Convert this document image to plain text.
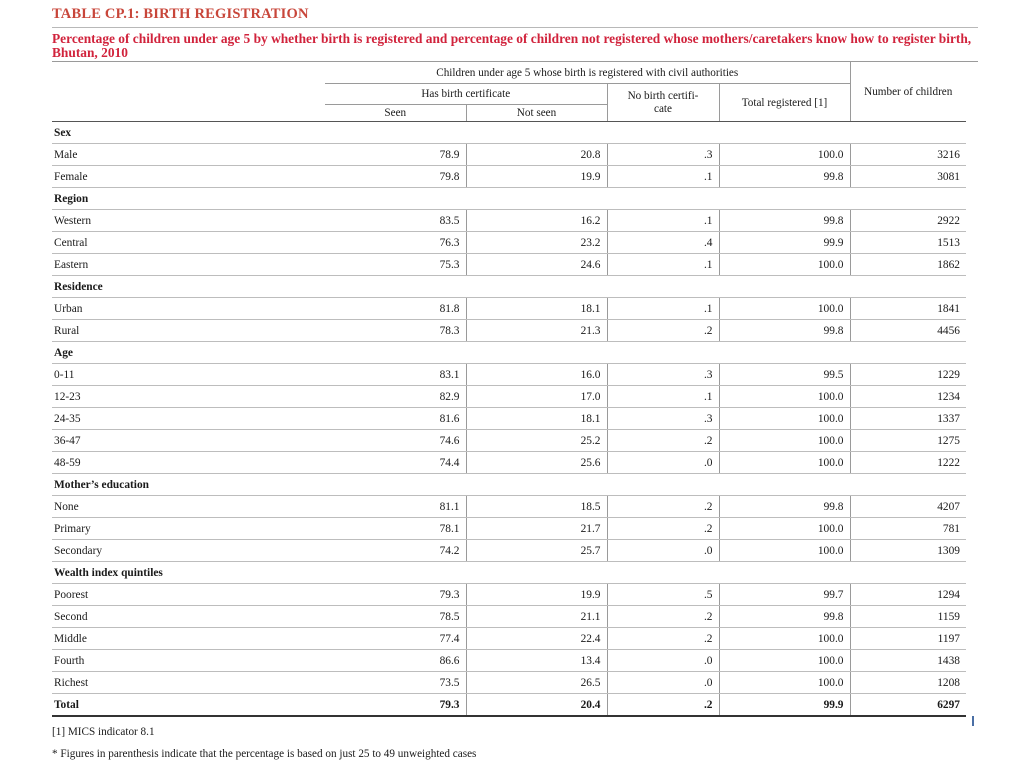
TABLE CP.1: BIRTH REGISTRATION
Percentage of children under age 5 by whether birth is registered and percentage of children not registered whose mothers/caretakers know how to register birth, Bhutan, 2010
	Children under age 5 whose birth is registered with civil authorities				Number of children
	Has birth certificate		No birth certifi-cate	Total registered [1]	
	Seen	Not seen			
Sex					
Male	78.9	20.8	.3	100.0	3216
Female	79.8	19.9	.1	99.8	3081
Region					
Western	83.5	16.2	.1	99.8	2922
Central	76.3	23.2	.4	99.9	1513
Eastern	75.3	24.6	.1	100.0	1862
Residence					
Urban	81.8	18.1	.1	100.0	1841
Rural	78.3	21.3	.2	99.8	4456
Age					
0-11	83.1	16.0	.3	99.5	1229
12-23	82.9	17.0	.1	100.0	1234
24-35	81.6	18.1	.3	100.0	1337
36-47	74.6	25.2	.2	100.0	1275
48-59	74.4	25.6	.0	100.0	1222
Mother’s education					
None	81.1	18.5	.2	99.8	4207
Primary	78.1	21.7	.2	100.0	781
Secondary	74.2	25.7	.0	100.0	1309
Wealth index quintiles					
Poorest	79.3	19.9	.5	99.7	1294
Second	78.5	21.1	.2	99.8	1159
Middle	77.4	22.4	.2	100.0	1197
Fourth	86.6	13.4	.0	100.0	1438
Richest	73.5	26.5	.0	100.0	1208
Total	79.3	20.4	.2	99.9	6297
[1] MICS indicator 8.1
* Figures in parenthesis indicate that the percentage is based on just 25 to 49 unweighted cases
